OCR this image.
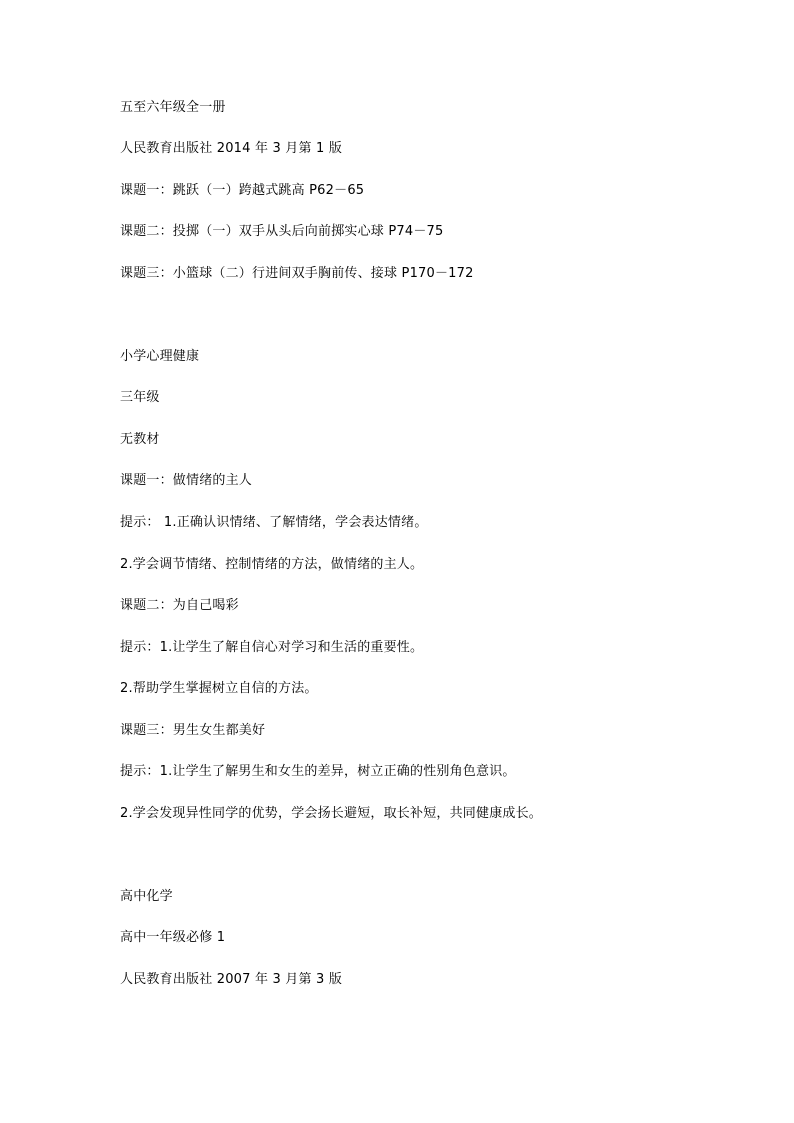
五至六年级全一册
人民教育出版社 2014 年 3 月第 1 版
课题一：跳跃（一）跨越式跳高 P62－65
课题二：投掷（一）双手从头后向前掷实心球 P74－75
课题三：小篮球（二）行进间双手胸前传、接球 P170－172
小学心理健康
三年级
无教材
课题一：做情绪的主人
提示： 1.正确认识情绪、了解情绪，学会表达情绪。
2.学会调节情绪、控制情绪的方法，做情绪的主人。
课题二：为自己喝彩
提示：1.让学生了解自信心对学习和生活的重要性。
2.帮助学生掌握树立自信的方法。
课题三：男生女生都美好
提示：1.让学生了解男生和女生的差异，树立正确的性别角色意识。
2.学会发现异性同学的优势，学会扬长避短，取长补短，共同健康成长。
高中化学
高中一年级必修 1
人民教育出版社 2007 年 3 月第 3 版
